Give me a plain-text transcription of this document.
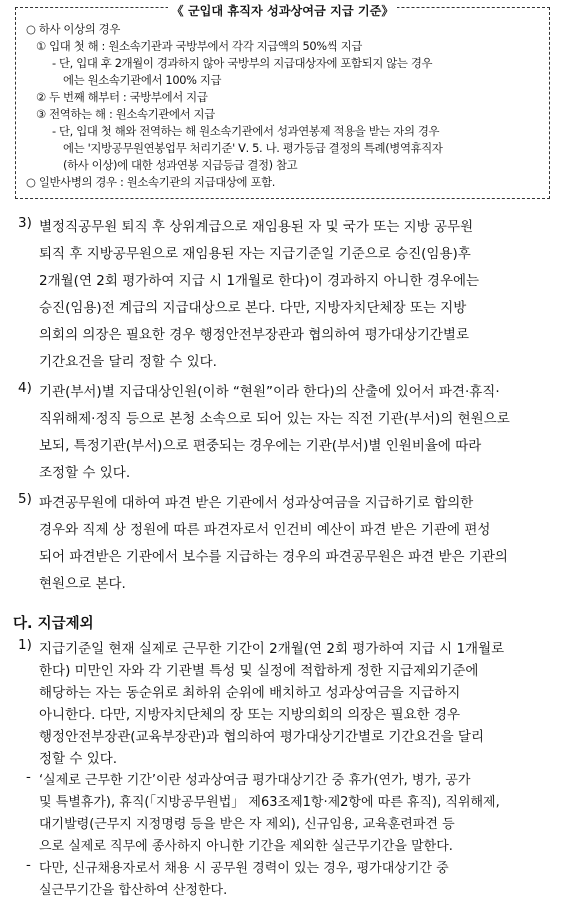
《 군입대 휴직자 성과상여금 지급 기준》
○ 하사 이상의 경우
① 입대 첫 해 : 원소속기관과 국방부에서 각각 지급액의 50%씩 지급
- 단, 입대 후 2개월이 경과하지 않아 국방부의 지급대상자에 포함되지 않는 경우
에는 원소속기관에서 100% 지급
② 두 번째 해부터 : 국방부에서 지급
③ 전역하는 해 : 원소속기관에서 지급
- 단, 입대 첫 해와 전역하는 해 원소속기관에서 성과연봉제 적용을 받는 자의 경우
에는 '지방공무원연봉업무 처리기준' Ⅴ. 5. 나. 평가등급 결정의 특례(병역휴직자
(하사 이상)에 대한 성과연봉 지급등급 결정) 참고
○ 일반사병의 경우 : 원소속기관의 지급대상에 포함.
3) 별정직공무원 퇴직 후 상위계급으로 재임용된 자 및 국가 또는 지방 공무원
퇴직 후 지방공무원으로 재임용된 자는 지급기준일 기준으로 승진(임용)후
2개월(연 2회 평가하여 지급 시 1개월로 한다)이 경과하지 아니한 경우에는
승진(임용)전 계급의 지급대상으로 본다. 다만, 지방자치단체장 또는 지방
의회의 의장은 필요한 경우 행정안전부장관과 협의하여 평가대상기간별로
기간요건을 달리 정할 수 있다.
4) 기관(부서)별 지급대상인원(이하 “현원”이라 한다)의 산출에 있어서 파견·휴직·
직위해제·정직 등으로 본청 소속으로 되어 있는 자는 직전 기관(부서)의 현원으로
보되, 특정기관(부서)으로 편중되는 경우에는 기관(부서)별 인원비율에 따라
조정할 수 있다.
5) 파견공무원에 대하여 파견 받은 기관에서 성과상여금을 지급하기로 합의한
경우와 직제 상 정원에 따른 파견자로서 인건비 예산이 파견 받은 기관에 편성
되어 파견받은 기관에서 보수를 지급하는 경우의 파견공무원은 파견 받은 기관의
현원으로 본다.
다. 지급제외
1) 지급기준일 현재 실제로 근무한 기간이 2개월(연 2회 평가하여 지급 시 1개월로
한다) 미만인 자와 각 기관별 특성 및 실정에 적합하게 정한 지급제외기준에
해당하는 자는 동순위로 최하위 순위에 배치하고 성과상여금을 지급하지
아니한다. 다만, 지방자치단체의 장 또는 지방의회의 의장은 필요한 경우
행정안전부장관(교육부장관)과 협의하여 평가대상기간별로 기간요건을 달리
정할 수 있다.
- ‘실제로 근무한 기간’이란 성과상여금 평가대상기간 중 휴가(연가, 병가, 공가
및 특별휴가), 휴직(「지방공무원법」 제63조제1항·제2항에 따른 휴직), 직위해제,
대기발령(근무지 지정명령 등을 받은 자 제외), 신규임용, 교육훈련파견 등
으로 실제로 직무에 종사하지 아니한 기간을 제외한 실근무기간을 말한다.
- 다만, 신규채용자로서 채용 시 공무원 경력이 있는 경우, 평가대상기간 중
실근무기간을 합산하여 산정한다.
